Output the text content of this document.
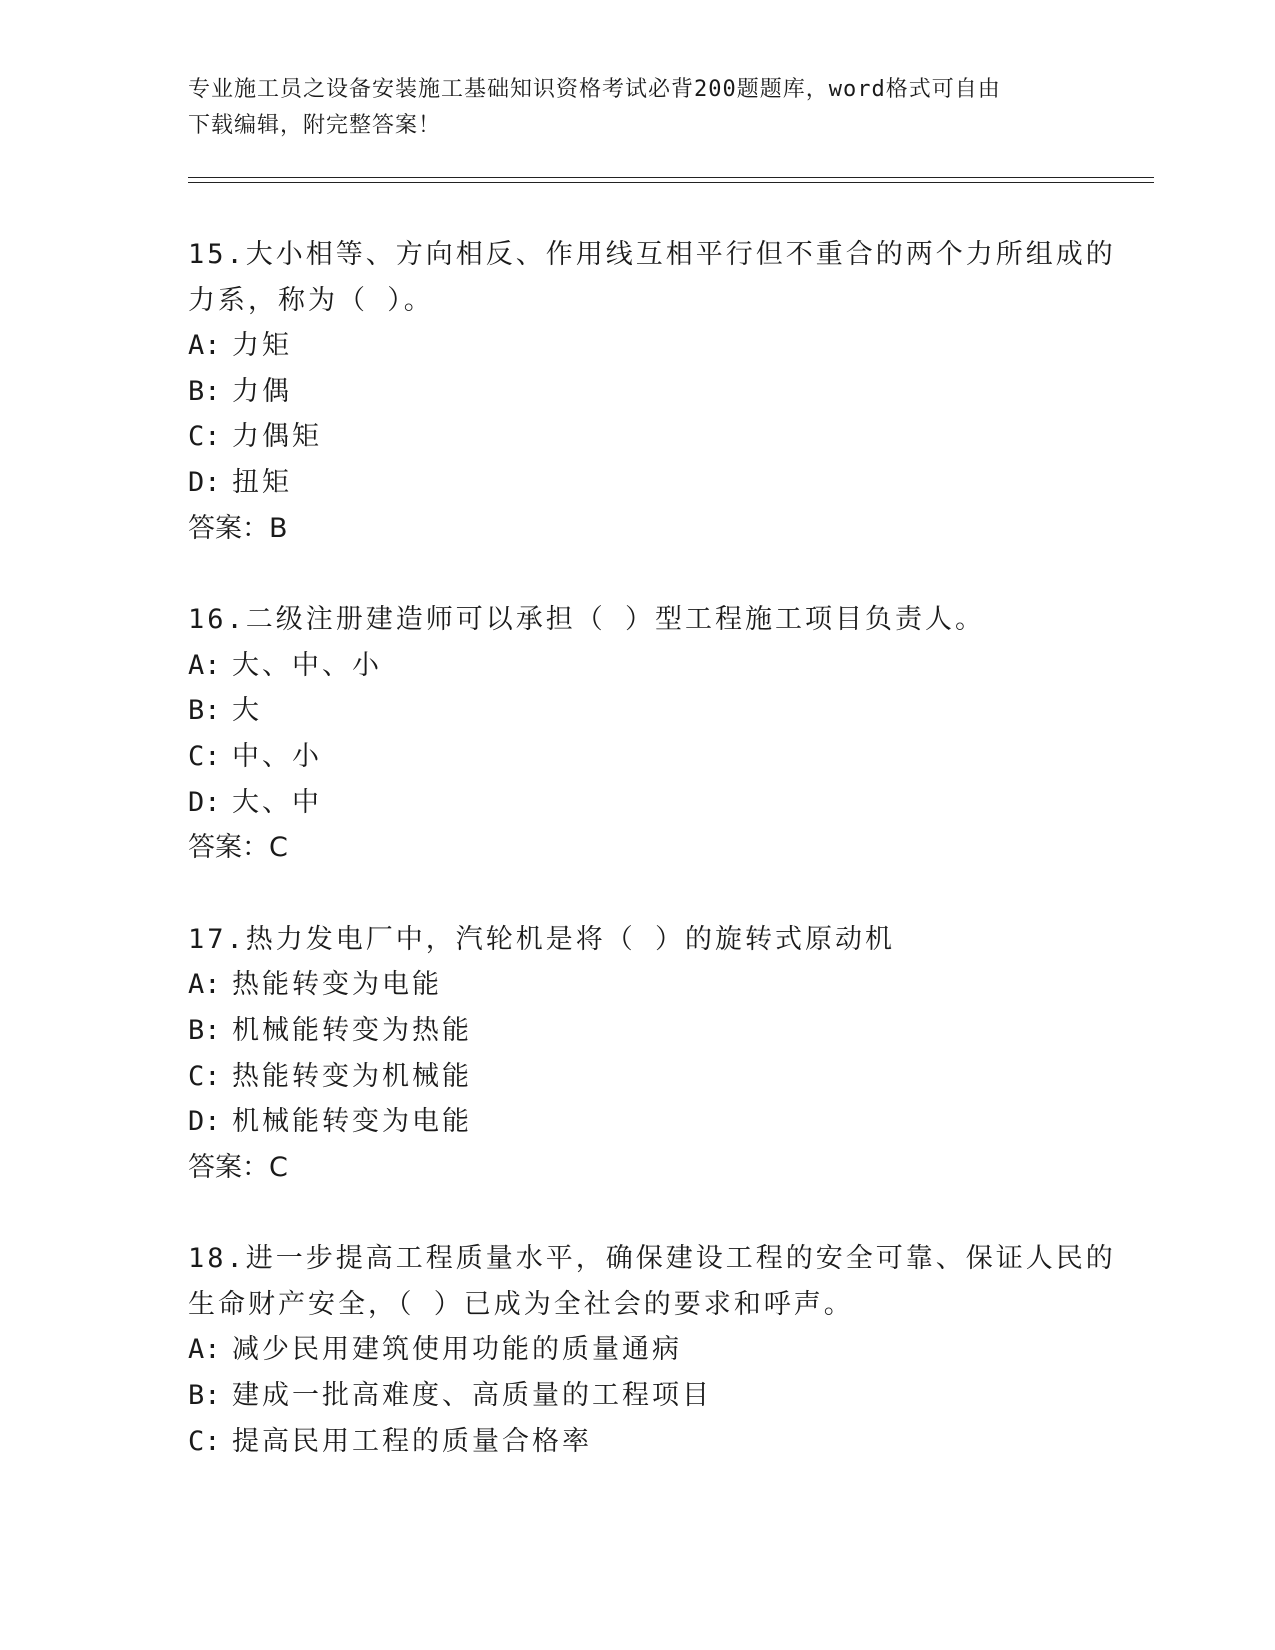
专业施工员之设备安装施工基础知识资格考试必背200题题库，word格式可自由
下载编辑，附完整答案！
15.大小相等、方向相反、作用线互相平行但不重合的两个力所组成的
力系，称为（ ）。
A: 力矩
B: 力偶
C: 力偶矩
D: 扭矩
答案：B
16.二级注册建造师可以承担（ ）型工程施工项目负责人。
A: 大、中、小
B: 大
C: 中、小
D: 大、中
答案：C
17.热力发电厂中，汽轮机是将（ ）的旋转式原动机
A: 热能转变为电能
B: 机械能转变为热能
C: 热能转变为机械能
D: 机械能转变为电能
答案：C
18.进一步提高工程质量水平，确保建设工程的安全可靠、保证人民的
生命财产安全，（ ）已成为全社会的要求和呼声。
A: 减少民用建筑使用功能的质量通病
B: 建成一批高难度、高质量的工程项目
C: 提高民用工程的质量合格率
